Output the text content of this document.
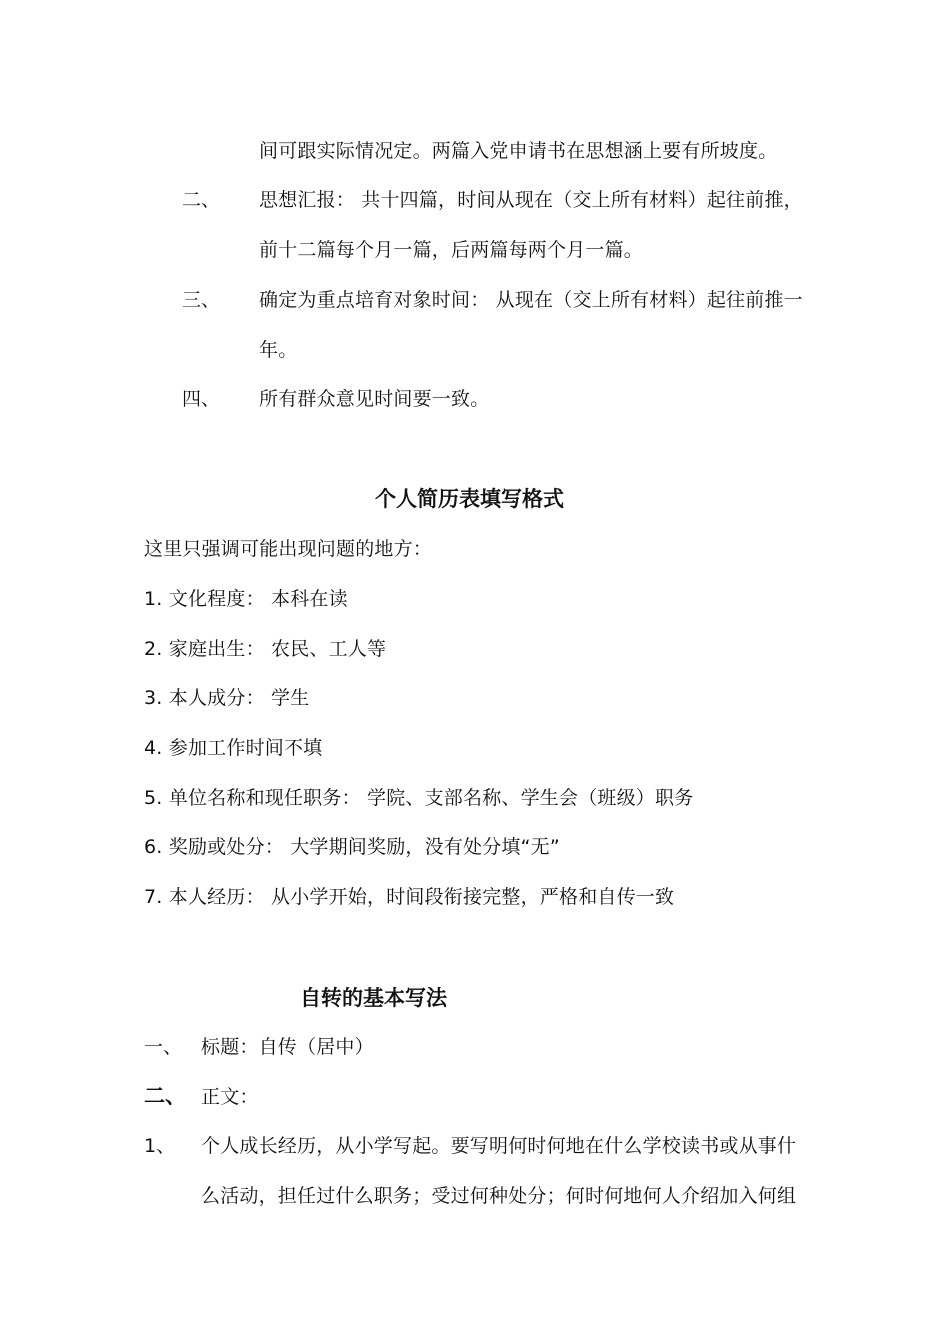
间可跟实际情况定。两篇入党申请书在思想涵上要有所坡度。
二、 思想汇报： 共十四篇，时间从现在（交上所有材料）起往前推，
前十二篇每个月一篇，后两篇每两个月一篇。
三、 确定为重点培育对象时间： 从现在（交上所有材料）起往前推一
年。
四、 所有群众意见时间要一致。
个人简历表填写格式
这里只强调可能出现问题的地方：
1. 文化程度： 本科在读
2. 家庭出生： 农民、工人等
3. 本人成分： 学生
4. 参加工作时间不填
5. 单位名称和现任职务： 学院、支部名称、学生会（班级）职务
6. 奖励或处分： 大学期间奖励，没有处分填“无”
7. 本人经历： 从小学开始，时间段衔接完整，严格和自传一致
自转的基本写法
一、 标题：自传（居中）
二、 正文：
1、 个人成长经历，从小学写起。要写明何时何地在什么学校读书或从事什
么活动，担任过什么职务；受过何种处分；何时何地何人介绍加入何组
